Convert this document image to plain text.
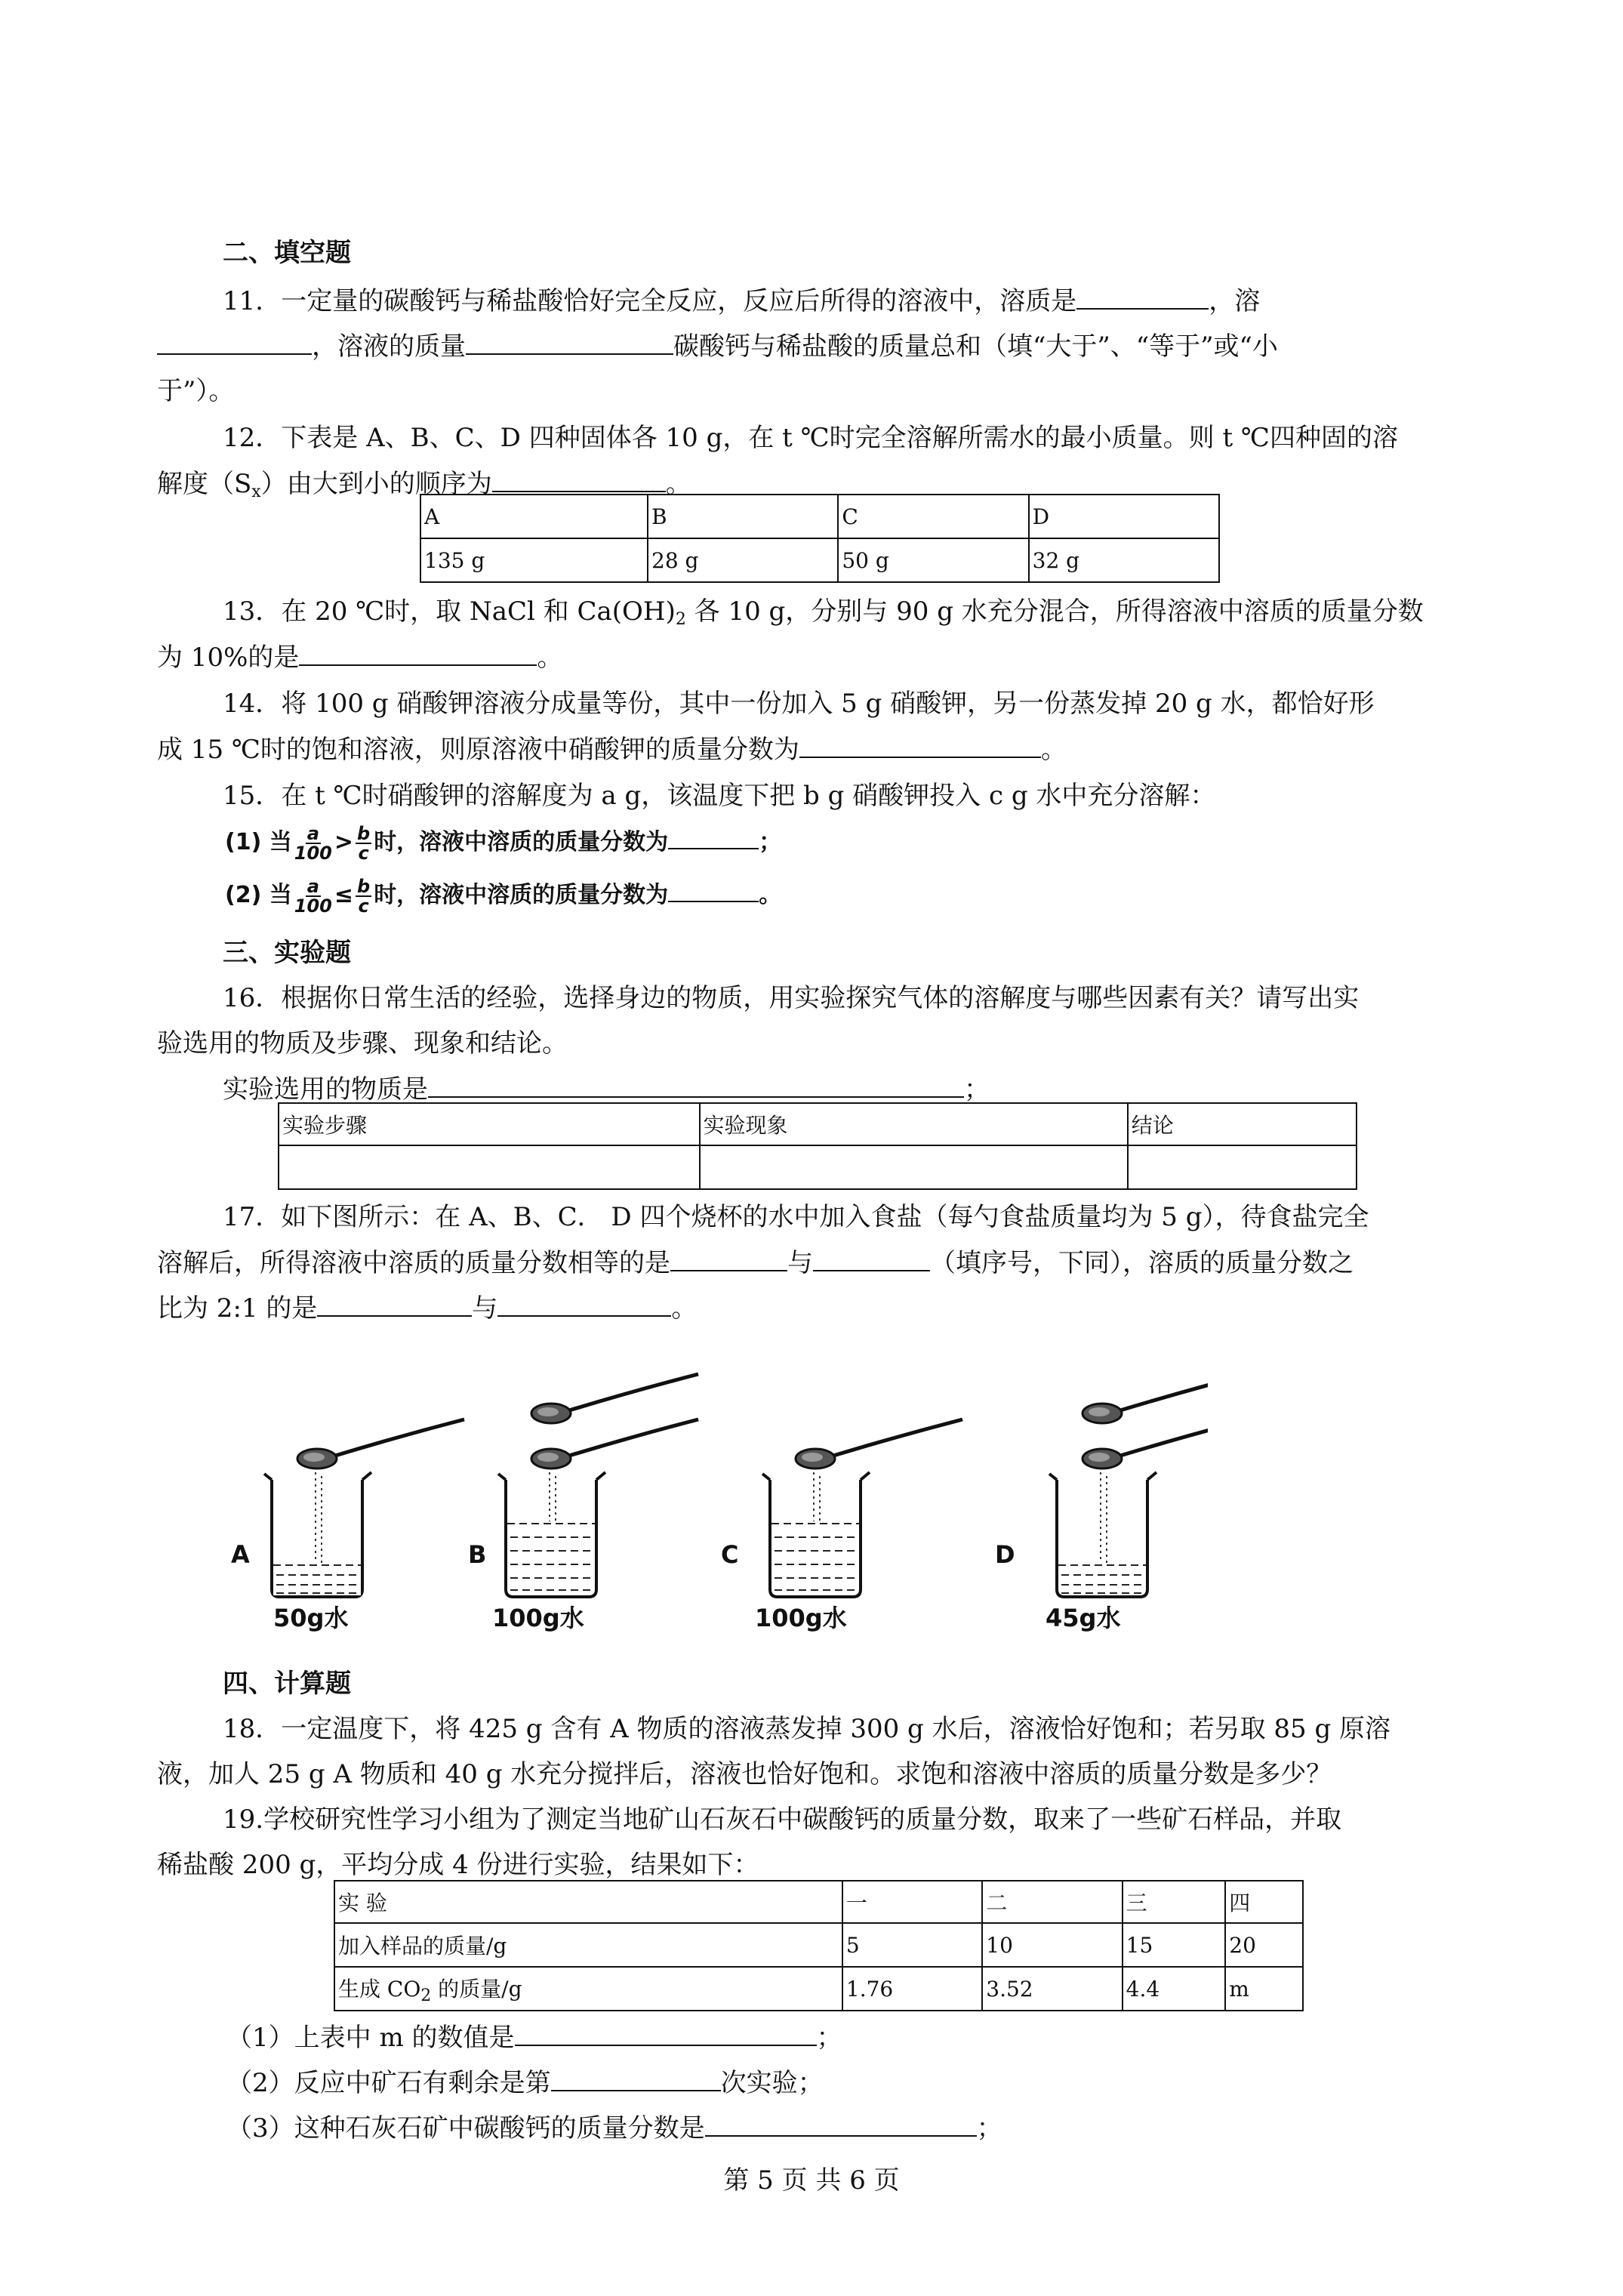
二、填空题
11．一定量的碳酸钙与稀盐酸恰好完全反应，反应后所得的溶液中，溶质是	，溶
，溶液的质量	碳酸钙与稀盐酸的质量总和（填“大于”、“等于”或“小
于”）。
12．下表是 A、B、C、D 四种固体各 10 g，在 t ℃时完全溶解所需水的最小质量。则 t ℃四种固的溶
解度$(S_x)$由大到小的顺序为	。
A	B	C	D
135 g	28 g	50 g	32 g
13．在 20 ℃时，取 NaCl 和 $Ca(OH)_2$ 各 10 g，分别与 90 g 水充分混合，所得溶液中溶质的质量分数
为 10%的是	。
14．将 100 g 硝酸钾溶液分成量等份，其中一份加入 5 g 硝酸钾，另一份蒸发掉 20 g 水，都恰好形
成 15 ℃时的饱和溶液，则原溶液中硝酸钾的质量分数为	。
15．在 t ℃时硝酸钾的溶解度为 a g，该温度下把 b g 硝酸钾投入 c g 水中充分溶解：
(1) 当 $\frac{a}{100} > \frac{b}{c}$ 时，溶液中溶质的质量分数为	；
(2) 当 $\frac{a}{100} \le \frac{b}{c}$ 时，溶液中溶质的质量分数为	。
三、实验题
16．根据你日常生活的经验，选择身边的物质，用实验探究气体的溶解度与哪些因素有关？请写出实
验选用的物质及步骤、现象和结论。
实验选用的物质是	；
实验步骤	实验现象	结论

17．如下图所示：在 A、B、C． D 四个烧杯的水中加入食盐（每勺食盐质量均为 5 g），待食盐完全
溶解后，所得溶液中溶质的质量分数相等的是	与	（填序号，下同），溶质的质量分数之
比为 2:1 的是	与	。
A	B	C	D
50g水	100g水	100g水	45g水
四、计算题
18．一定温度下，将 425 g 含有 A 物质的溶液蒸发掉 300 g 水后，溶液恰好饱和；若另取 85 g 原溶
液，加人 25 g A 物质和 40 g 水充分搅拌后，溶液也恰好饱和。求饱和溶液中溶质的质量分数是多少？
19.学校研究性学习小组为了测定当地矿山石灰石中碳酸钙的质量分数，取来了一些矿石样品，并取
稀盐酸 200 g，平均分成 4 份进行实验，结果如下：
实 验	一	二	三	四
加入样品的质量/g	5	10	15	20
生成 $CO_2$ 的质量/g	1.76	3.52	4.4	m
（1）上表中 m 的数值是	；
（2）反应中矿石有剩余是第	次实验；
（3）这种石灰石矿中碳酸钙的质量分数是	；
第 5 页 共 6 页
